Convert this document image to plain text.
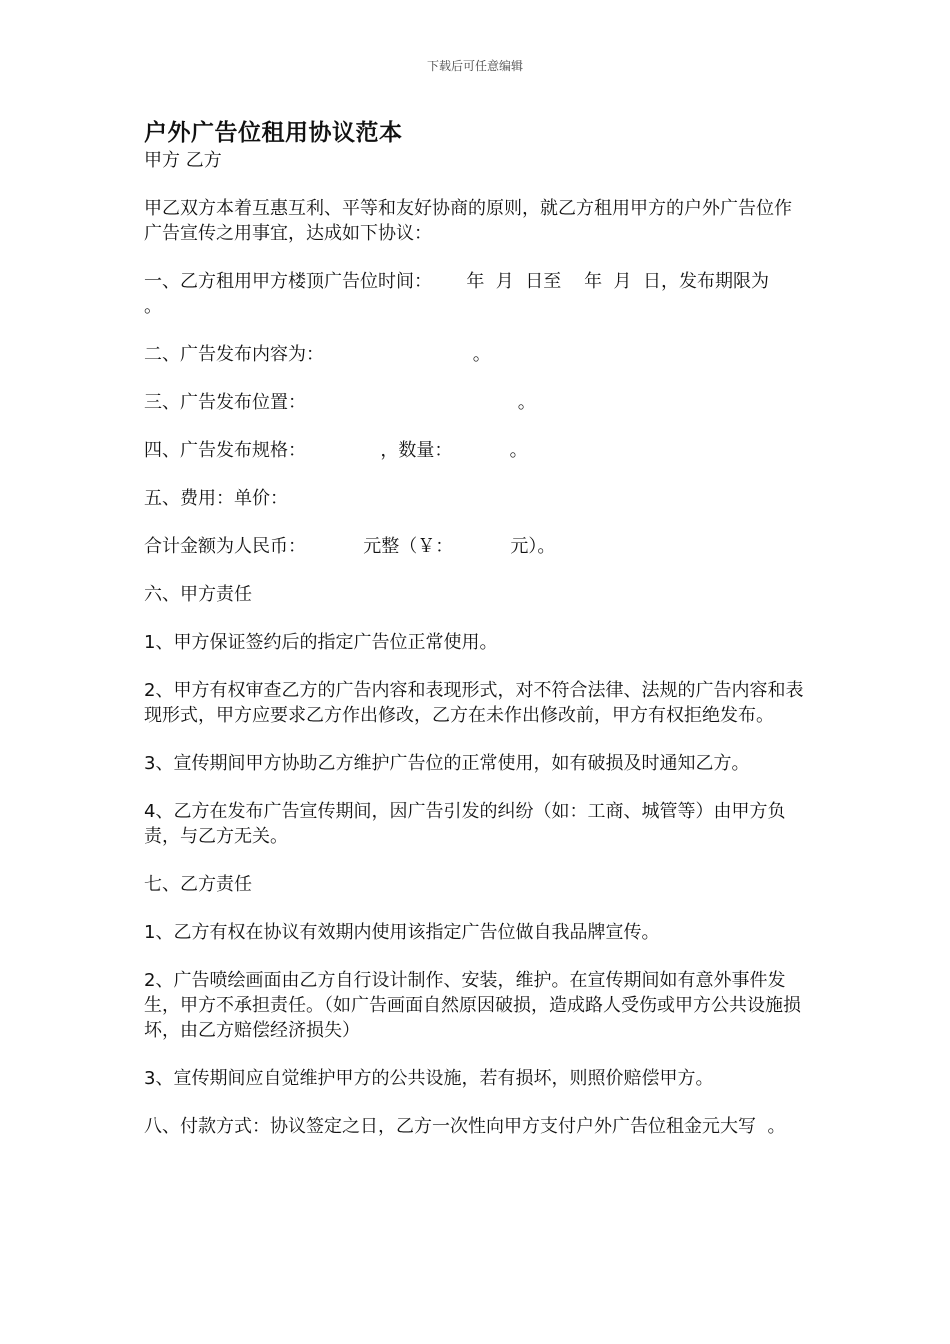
下载后可任意编辑
户外广告位租用协议范本

甲方 乙方

甲乙双方本着互惠互利、平等和友好协商的原则，就乙方租用甲方的户外广告位作广告宣传之用事宜，达成如下协议：

一、乙方租用甲方楼顶广告位时间：      年  月  日至    年  月  日，发布期限为    。

二、广告发布内容为：                          。

三、广告发布位置：                                     。

四、广告发布规格：             ，数量：          。

五、费用：单价：

合计金额为人民币：          元整（￥：          元）。

六、甲方责任

1、甲方保证签约后的指定广告位正常使用。

2、甲方有权审查乙方的广告内容和表现形式，对不符合法律、法规的广告内容和表现形式，甲方应要求乙方作出修改，乙方在未作出修改前，甲方有权拒绝发布。

3、宣传期间甲方协助乙方维护广告位的正常使用，如有破损及时通知乙方。

4、乙方在发布广告宣传期间，因广告引发的纠纷（如：工商、城管等）由甲方负责，与乙方无关。

七、乙方责任

1、乙方有权在协议有效期内使用该指定广告位做自我品牌宣传。

2、广告喷绘画面由乙方自行设计制作、安装，维护。在宣传期间如有意外事件发生，甲方不承担责任。（如广告画面自然原因破损，造成路人受伤或甲方公共设施损坏，由乙方赔偿经济损失）

3、宣传期间应自觉维护甲方的公共设施，若有损坏，则照价赔偿甲方。

八、付款方式：协议签定之日，乙方一次性向甲方支付户外广告位租金元大写  。
